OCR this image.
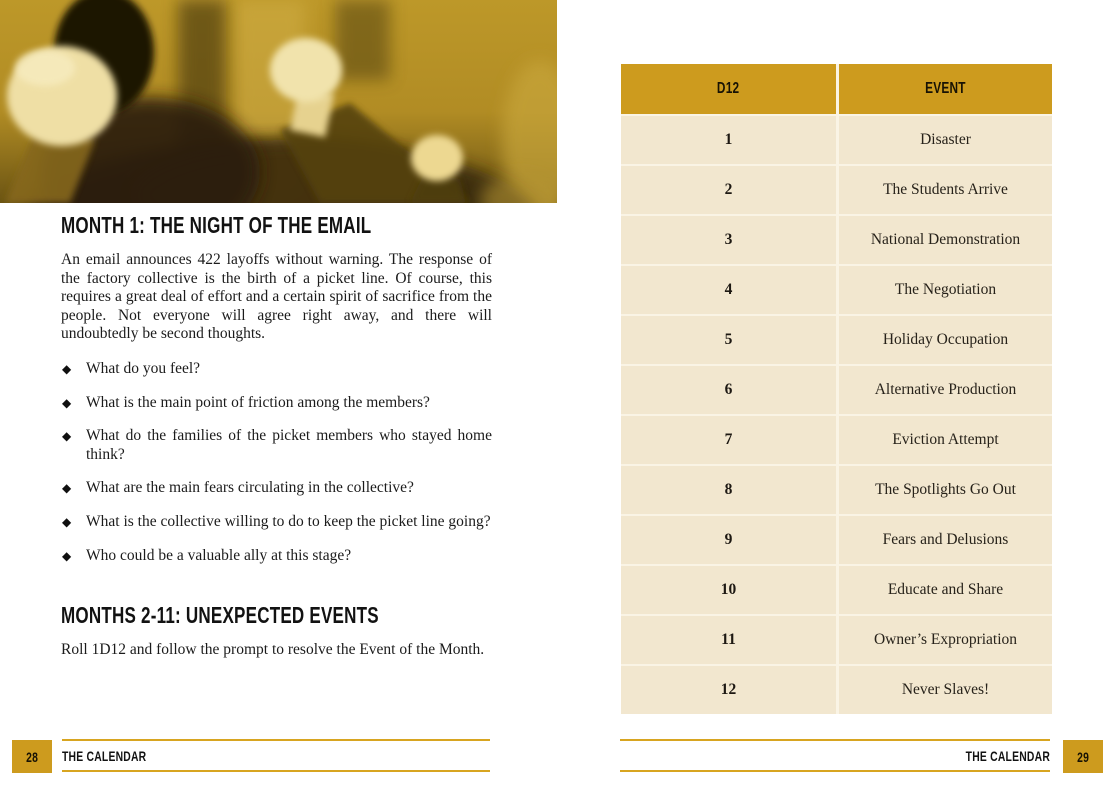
MONTH 1: THE NIGHT OF THE EMAIL

An email announces 422 layoffs without warning. The response of the factory collective is the birth of a picket line. Of course, this requires a great deal of effort and a certain spirit of sacrifice from the people. Not everyone will agree right away, and there will undoubtedly be second thoughts.

◆ What do you feel?
◆ What is the main point of friction among the members?
◆ What do the families of the picket members who stayed home think?
◆ What are the main fears circulating in the collective?
◆ What is the collective willing to do to keep the picket line going?
◆ Who could be a valuable ally at this stage?
MONTHS 2-11: UNEXPECTED EVENTS

Roll 1D12 and follow the prompt to resolve the Event of the Month.

28 THE CALENDAR
D12	EVENT
1	Disaster
2	The Students Arrive
3	National Demonstration
4	The Negotiation
5	Holiday Occupation
6	Alternative Production
7	Eviction Attempt
8	The Spotlights Go Out
9	Fears and Delusions
10	Educate and Share
11	Owner’s Expropriation
12	Never Slaves!
THE CALENDAR 29
